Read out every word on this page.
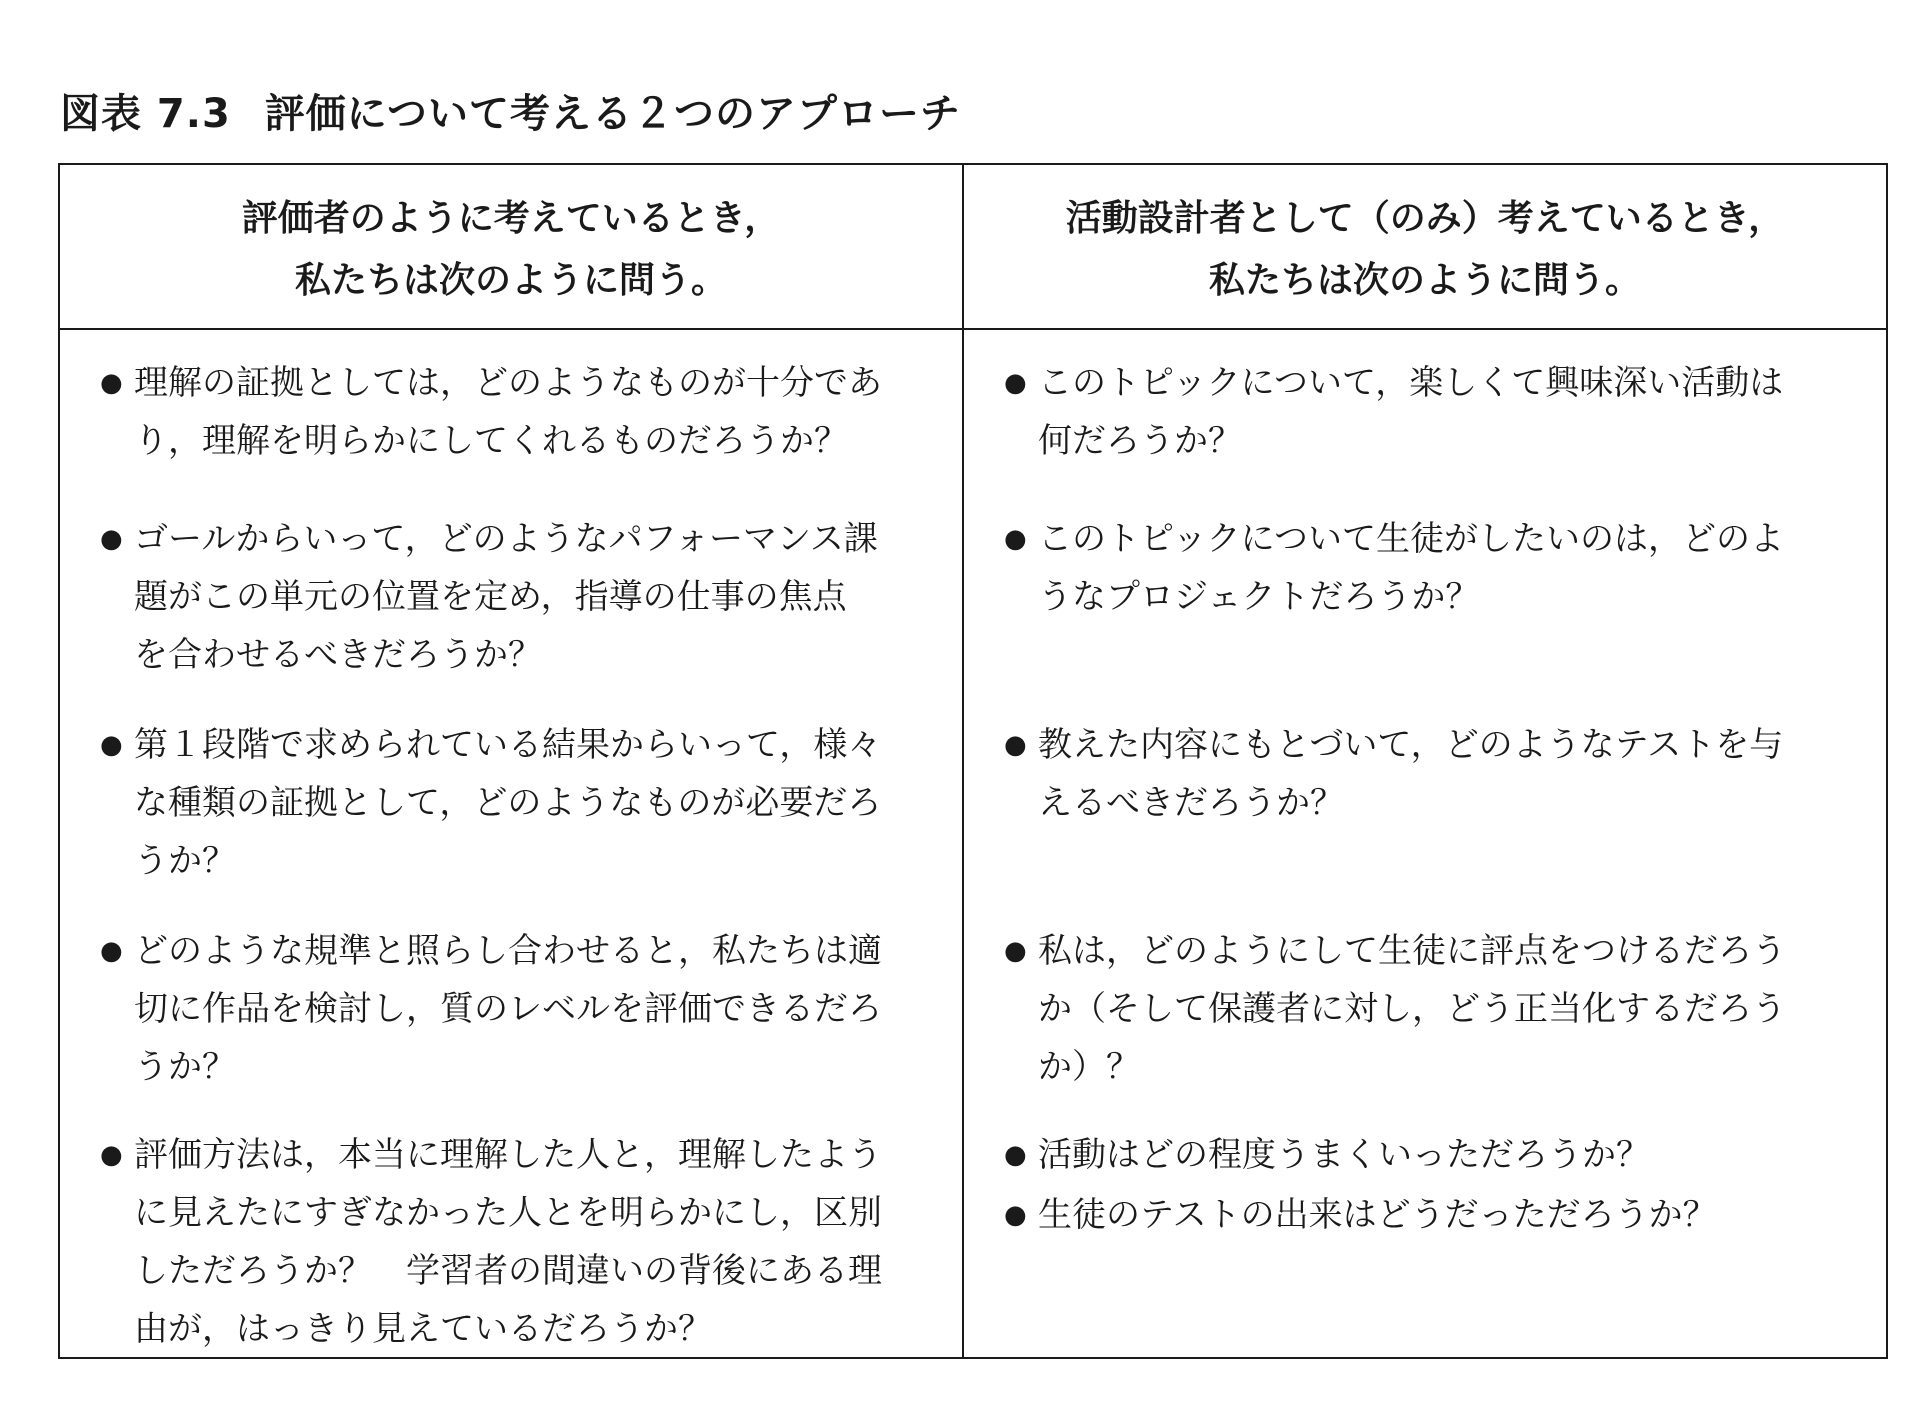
図表 7.3 評価について考える２つのアプローチ
評価者のように考えているとき，
私たちは次のように問う。
活動設計者として（のみ）考えているとき，
私たちは次のように問う。
● 理解の証拠としては，どのようなものが十分であ
り，理解を明らかにしてくれるものだろうか？
● ゴールからいって，どのようなパフォーマンス課
題がこの単元の位置を定め，指導の仕事の焦点
を合わせるべきだろうか？
● 第１段階で求められている結果からいって，様々
な種類の証拠として，どのようなものが必要だろ
うか？
● どのような規準と照らし合わせると，私たちは適
切に作品を検討し，質のレベルを評価できるだろ
うか？
● 評価方法は，本当に理解した人と，理解したよう
に見えたにすぎなかった人とを明らかにし，区別
しただろうか？　学習者の間違いの背後にある理
由が，はっきり見えているだろうか？
● このトピックについて，楽しくて興味深い活動は
何だろうか？
● このトピックについて生徒がしたいのは，どのよ
うなプロジェクトだろうか？
● 教えた内容にもとづいて，どのようなテストを与
えるべきだろうか？
● 私は，どのようにして生徒に評点をつけるだろう
か（そして保護者に対し，どう正当化するだろう
か）？
● 活動はどの程度うまくいっただろうか？
● 生徒のテストの出来はどうだっただろうか？
